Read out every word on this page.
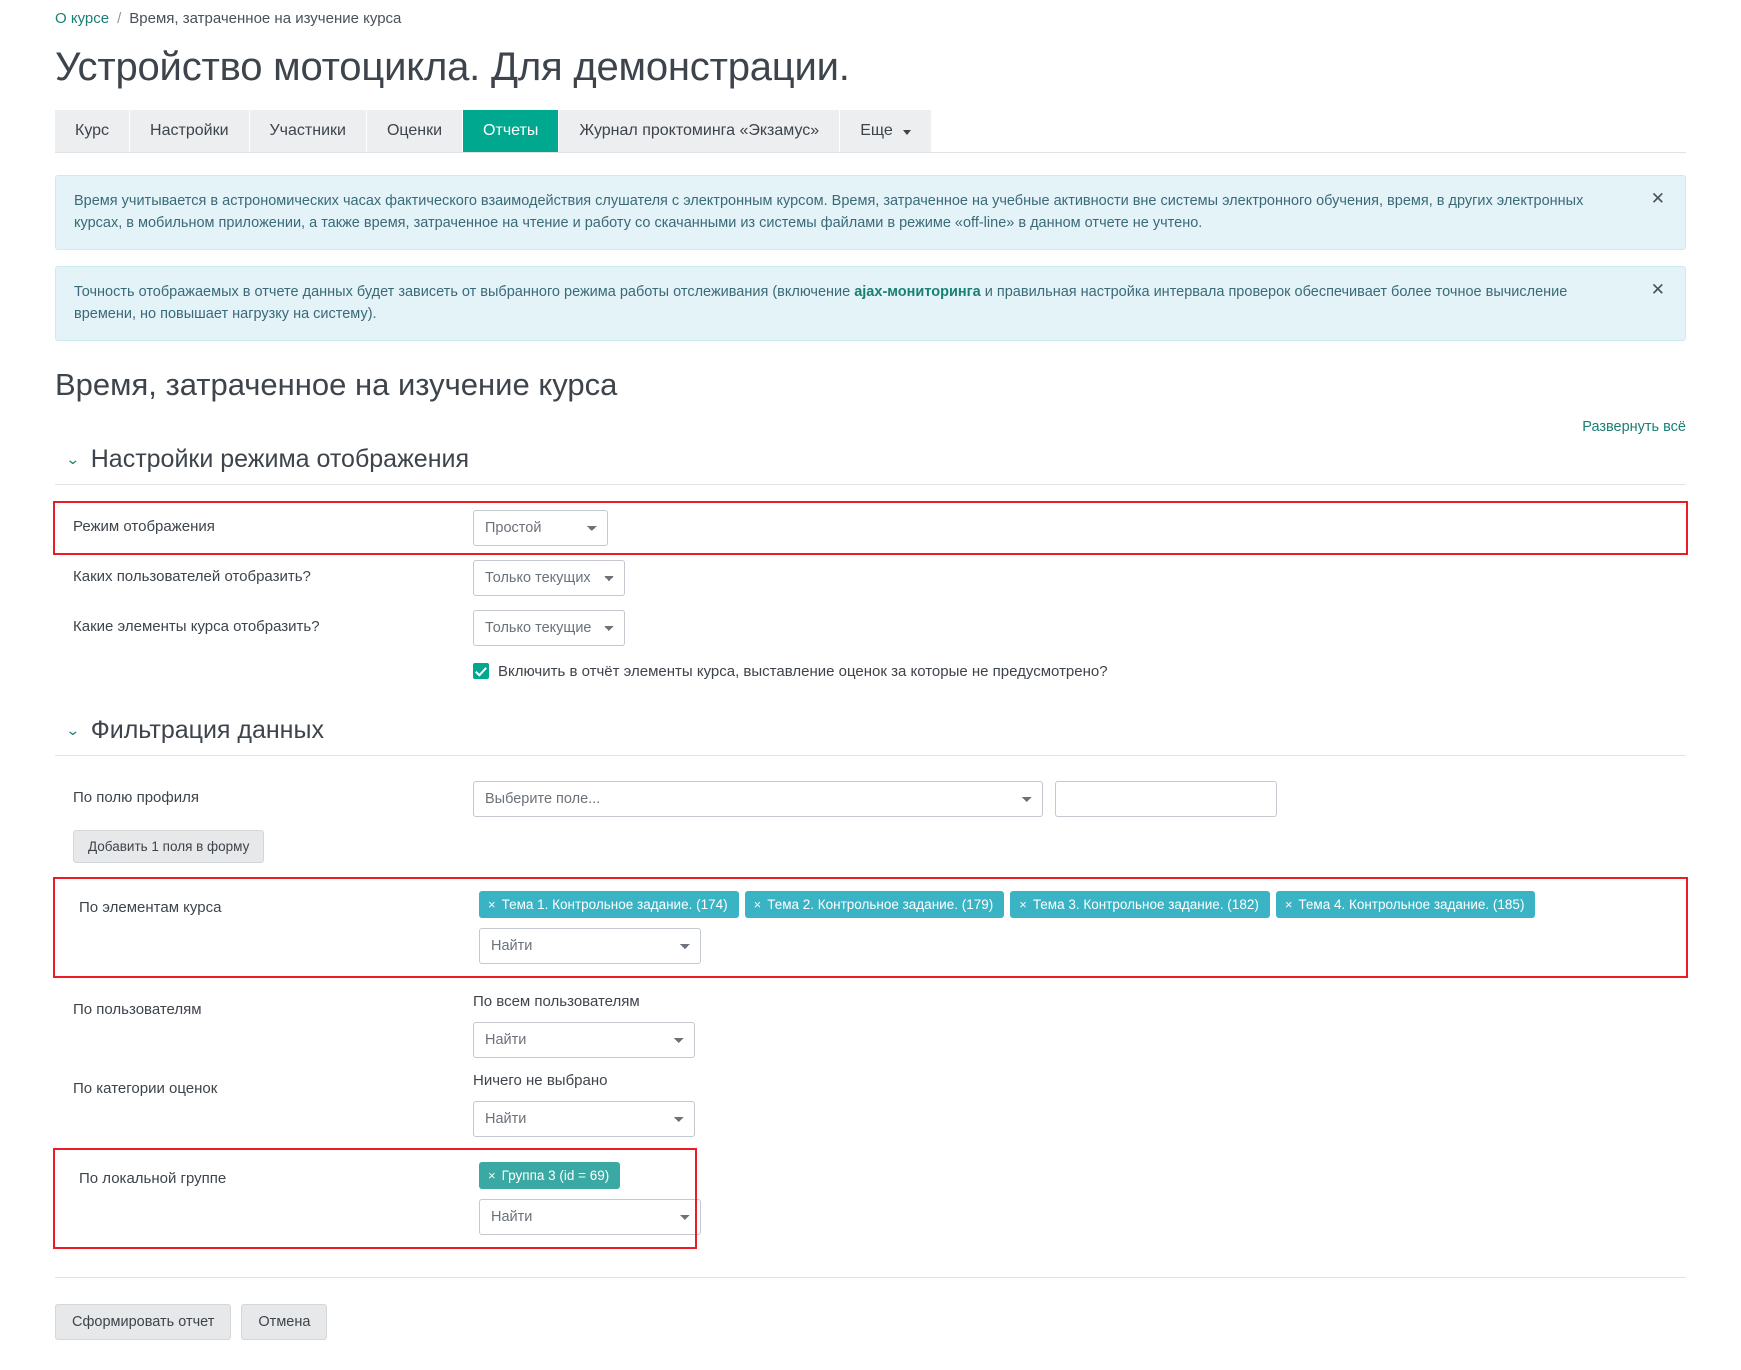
О курсе / Время, затраченное на изучение курса
Устройство мотоцикла. Для демонстрации.
Курс	Настройки	Участники	Оценки	Отчеты	Журнал проктоминга «Экзамус»	Еще
Время учитывается в астрономических часах фактического взаимодействия слушателя с электронным курсом. Время, затраченное на учебные активности вне системы электронного обучения, время, в других электронных курсах, в мобильном приложении, а также время, затраченное на чтение и работу со скачанными из системы файлами в режиме «off-line» в данном отчете не учтено.
✕
Точность отображаемых в отчете данных будет зависеть от выбранного режима работы отслеживания (включение ajax-мониторинга и правильная настройка интервала проверок обеспечивает более точное вычисление времени, но повышает нагрузку на систему).
✕
Время, затраченное на изучение курса
Развернуть всё
⌄ Настройки режима отображения
Режим отображения
Простой
Каких пользователей отобразить?
Только текущих
Какие элементы курса отобразить?
Только текущие
Включить в отчёт элементы курса, выставление оценок за которые не предусмотрено?
⌄ Фильтрация данных
По полю профиля
Выберите поле...
Добавить 1 поля в форму
По элементам курса	× Тема 1. Контрольное задание. (174) × Тема 2. Контрольное задание. (179) × Тема 3. Контрольное задание. (182) × Тема 4. Контрольное задание. (185)
Найти
По пользователям	По всем пользователям
Найти
По категории оценок	Ничего не выбрано
Найти
По локальной группе	× Группа 3 (id = 69)
Найти
Сформировать отчет	Отмена
